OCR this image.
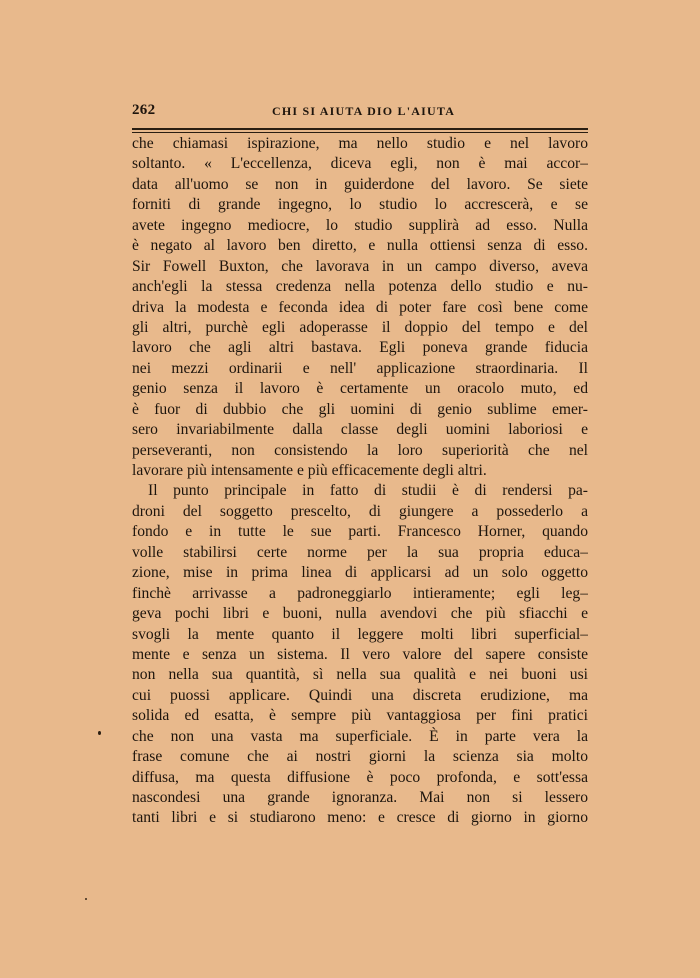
262	CHI SI AIUTA DIO L'AIUTA
che chiamasi ispirazione, ma nello studio e nel lavoro
soltanto. « L'eccellenza, diceva egli, non è mai accor–
data all'uomo se non in guiderdone del lavoro. Se siete
forniti di grande ingegno, lo studio lo accrescerà, e se
avete ingegno mediocre, lo studio supplirà ad esso. Nulla
è negato al lavoro ben diretto, e nulla ottiensi senza di esso.
Sir Fowell Buxton, che lavorava in un campo diverso, aveva
anch'egli la stessa credenza nella potenza dello studio e nu-
driva la modesta e feconda idea di poter fare così bene come
gli altri, purchè egli adoperasse il doppio del tempo e del
lavoro che agli altri bastava. Egli poneva grande fiducia
nei mezzi ordinarii e nell' applicazione straordinaria. Il
genio senza il lavoro è certamente un oracolo muto, ed
è fuor di dubbio che gli uomini di genio sublime emer-
sero invariabilmente dalla classe degli uomini laboriosi e
perseveranti, non consistendo la loro superiorità che nel
lavorare più intensamente e più efficacemente degli altri.
Il punto principale in fatto di studii è di rendersi pa-
droni del soggetto prescelto, di giungere a possederlo a
fondo e in tutte le sue parti. Francesco Horner, quando
volle stabilirsi certe norme per la sua propria educa–
zione, mise in prima linea di applicarsi ad un solo oggetto
finchè arrivasse a padroneggiarlo intieramente; egli leg–
geva pochi libri e buoni, nulla avendovi che più sfiacchi e
svogli la mente quanto il leggere molti libri superficial–
mente e senza un sistema. Il vero valore del sapere consiste
non nella sua quantità, sì nella sua qualità e nei buoni usi
cui puossi applicare. Quindi una discreta erudizione, ma
solida ed esatta, è sempre più vantaggiosa per fini pratici
che non una vasta ma superficiale. È in parte vera la
frase comune che ai nostri giorni la scienza sia molto
diffusa, ma questa diffusione è poco profonda, e sott'essa
nascondesi una grande ignoranza. Mai non si lessero
tanti libri e si studiarono meno: e cresce di giorno in giorno
